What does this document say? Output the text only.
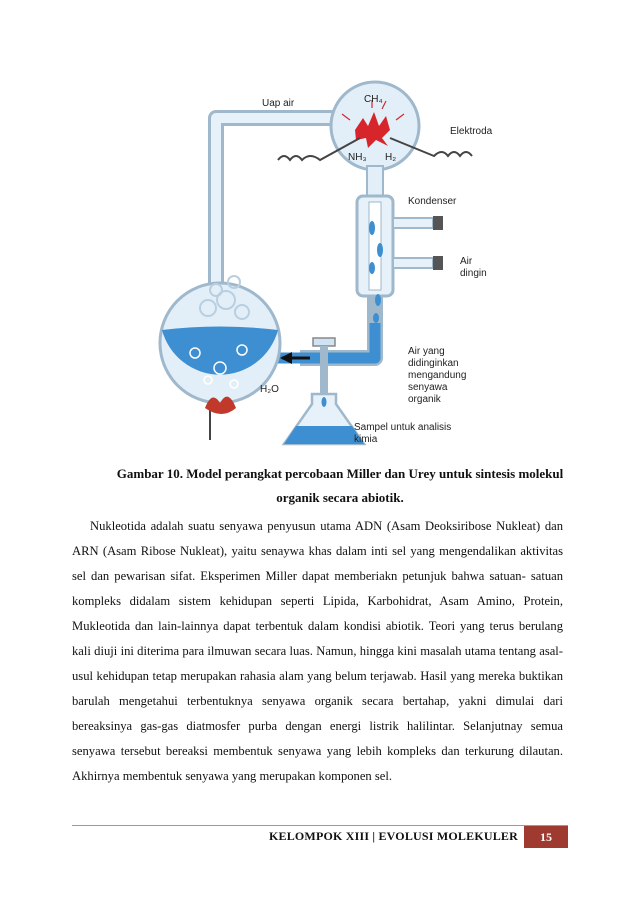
CH₄
Uap air
Elektroda
NH₃ H₂
Kondenser
Air
dingin
Air yang
didinginkan
mengandung
senyawa
organik
H₂O
Sampel untuk analisis
kimia
Gambar 10. Model perangkat percobaan Miller dan Urey untuk sintesis molekul
organik secara abiotik.

Nukleotida adalah suatu senyawa penyusun utama ADN (Asam Deoksiribose Nukleat) dan ARN (Asam Ribose Nukleat), yaitu senaywa khas dalam inti sel yang mengendalikan aktivitas sel dan pewarisan sifat. Eksperimen Miller dapat memberiakn petunjuk bahwa satuan- satuan kompleks didalam sistem kehidupan seperti Lipida, Karbohidrat, Asam Amino, Protein, Mukleotida dan lain-lainnya dapat terbentuk dalam kondisi abiotik. Teori yang terus berulang kali diuji ini diterima para ilmuwan secara luas. Namun, hingga kini masalah utama tentang asal-usul kehidupan tetap merupakan rahasia alam yang belum terjawab. Hasil yang mereka buktikan barulah mengetahui terbentuknya senyawa organik secara bertahap, yakni dimulai dari bereaksinya gas-gas diatmosfer purba dengan energi listrik halilintar. Selanjutnay semua senyawa tersebut bereaksi membentuk senyawa yang lebih kompleks dan terkurung dilautan. Akhirnya membentuk senyawa yang merupakan komponen sel.

KELOMPOK XIII | EVOLUSI MOLEKULER	15
